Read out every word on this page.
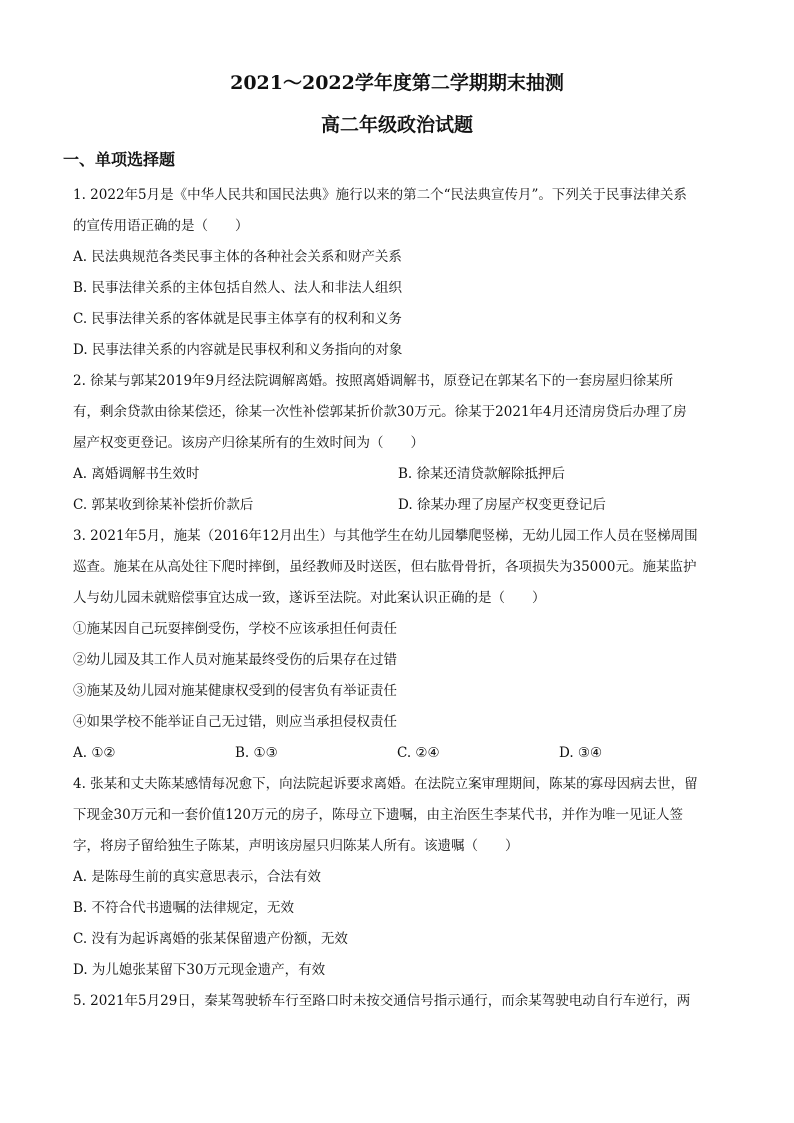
2021～2022学年度第二学期期末抽测
高二年级政治试题
一、单项选择题
1. 2022年5月是《中华人民共和国民法典》施行以来的第二个“民法典宣传月”。下列关于民事法律关系
的宣传用语正确的是（　　）
A. 民法典规范各类民事主体的各种社会关系和财产关系
B. 民事法律关系的主体包括自然人、法人和非法人组织
C. 民事法律关系的客体就是民事主体享有的权利和义务
D. 民事法律关系的内容就是民事权利和义务指向的对象
2. 徐某与郭某2019年9月经法院调解离婚。按照离婚调解书，原登记在郭某名下的一套房屋归徐某所
有，剩余贷款由徐某偿还，徐某一次性补偿郭某折价款30万元。徐某于2021年4月还清房贷后办理了房
屋产权变更登记。该房产归徐某所有的生效时间为（　　）
A. 离婚调解书生效时	B. 徐某还清贷款解除抵押后
C. 郭某收到徐某补偿折价款后	D. 徐某办理了房屋产权变更登记后
3. 2021年5月，施某（2016年12月出生）与其他学生在幼儿园攀爬竖梯，无幼儿园工作人员在竖梯周围
巡查。施某在从高处往下爬时摔倒，虽经教师及时送医，但右肱骨骨折，各项损失为35000元。施某监护
人与幼儿园未就赔偿事宜达成一致，遂诉至法院。对此案认识正确的是（　　）
①施某因自己玩耍摔倒受伤，学校不应该承担任何责任
②幼儿园及其工作人员对施某最终受伤的后果存在过错
③施某及幼儿园对施某健康权受到的侵害负有举证责任
④如果学校不能举证自己无过错，则应当承担侵权责任
A. ①②	B. ①③	C. ②④	D. ③④
4. 张某和丈夫陈某感情每况愈下，向法院起诉要求离婚。在法院立案审理期间，陈某的寡母因病去世，留
下现金30万元和一套价值120万元的房子，陈母立下遗嘱，由主治医生李某代书，并作为唯一见证人签
字，将房子留给独生子陈某，声明该房屋只归陈某人所有。该遗嘱（　　）
A. 是陈母生前的真实意思表示，合法有效
B. 不符合代书遗嘱的法律规定，无效
C. 没有为起诉离婚的张某保留遗产份额，无效
D. 为儿媳张某留下30万元现金遗产，有效
5. 2021年5月29日，秦某驾驶轿车行至路口时未按交通信号指示通行，而余某驾驶电动自行车逆行，两
